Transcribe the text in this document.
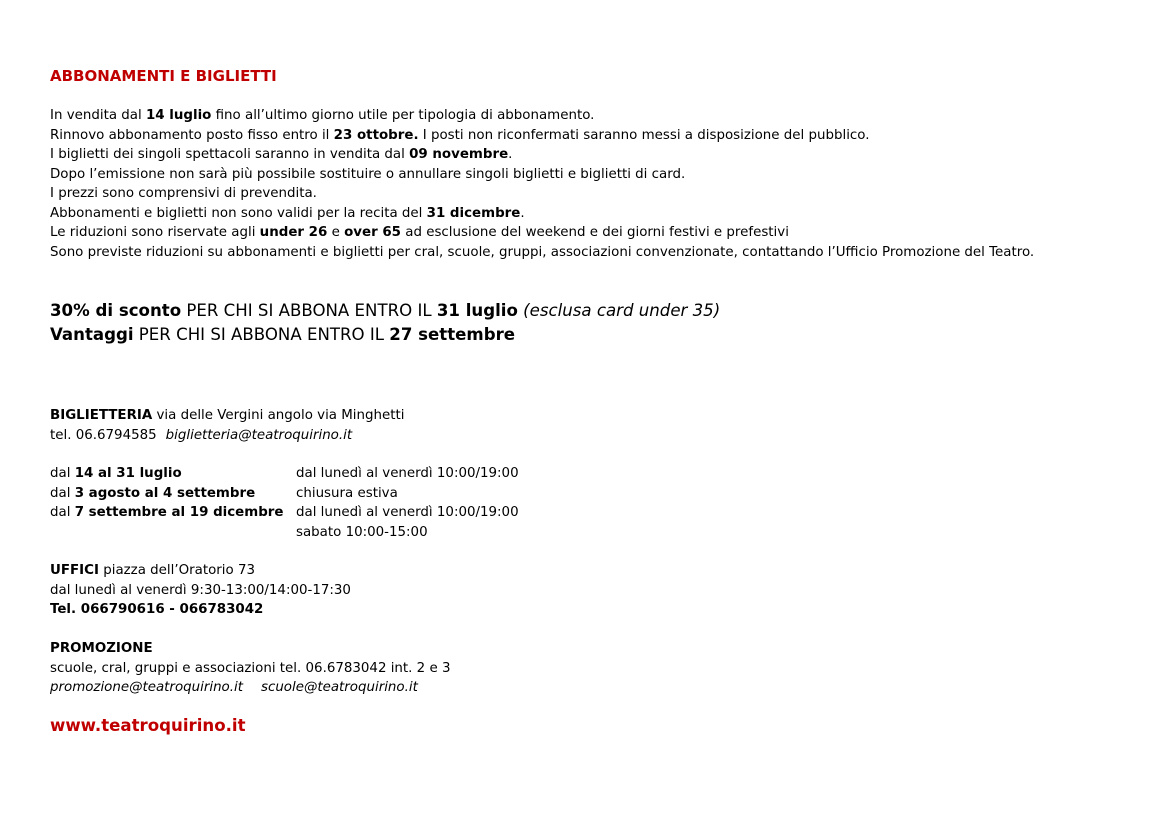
ABBONAMENTI E BIGLIETTI
In vendita dal 14 luglio fino all’ultimo giorno utile per tipologia di abbonamento.
Rinnovo abbonamento posto fisso entro il 23 ottobre. I posti non riconfermati saranno messi a disposizione del pubblico.
I biglietti dei singoli spettacoli saranno in vendita dal 09 novembre.
Dopo l’emissione non sarà più possibile sostituire o annullare singoli biglietti e biglietti di card.
I prezzi sono comprensivi di prevendita.
Abbonamenti e biglietti non sono validi per la recita del 31 dicembre.
Le riduzioni sono riservate agli under 26 e over 65 ad esclusione del weekend e dei giorni festivi e prefestivi
Sono previste riduzioni su abbonamenti e biglietti per cral, scuole, gruppi, associazioni convenzionate, contattando l’Ufficio Promozione del Teatro.
30% di sconto PER CHI SI ABBONA ENTRO IL 31 luglio (esclusa card under 35)
Vantaggi PER CHI SI ABBONA ENTRO IL 27 settembre
BIGLIETTERIA via delle Vergini angolo via Minghetti
tel. 06.6794585 biglietteria@teatroquirino.it
dal 14 al 31 luglio	dal lunedì al venerdì 10:00/19:00
dal 3 agosto al 4 settembre	chiusura estiva
dal 7 settembre al 19 dicembre dal lunedì al venerdì 10:00/19:00
sabato 10:00-15:00
UFFICI piazza dell’Oratorio 73
dal lunedì al venerdì 9:30-13:00/14:00-17:30
Tel. 066790616 - 066783042
PROMOZIONE
scuole, cral, gruppi e associazioni tel. 06.6783042 int. 2 e 3
promozione@teatroquirino.it scuole@teatroquirino.it
www.teatroquirino.it
